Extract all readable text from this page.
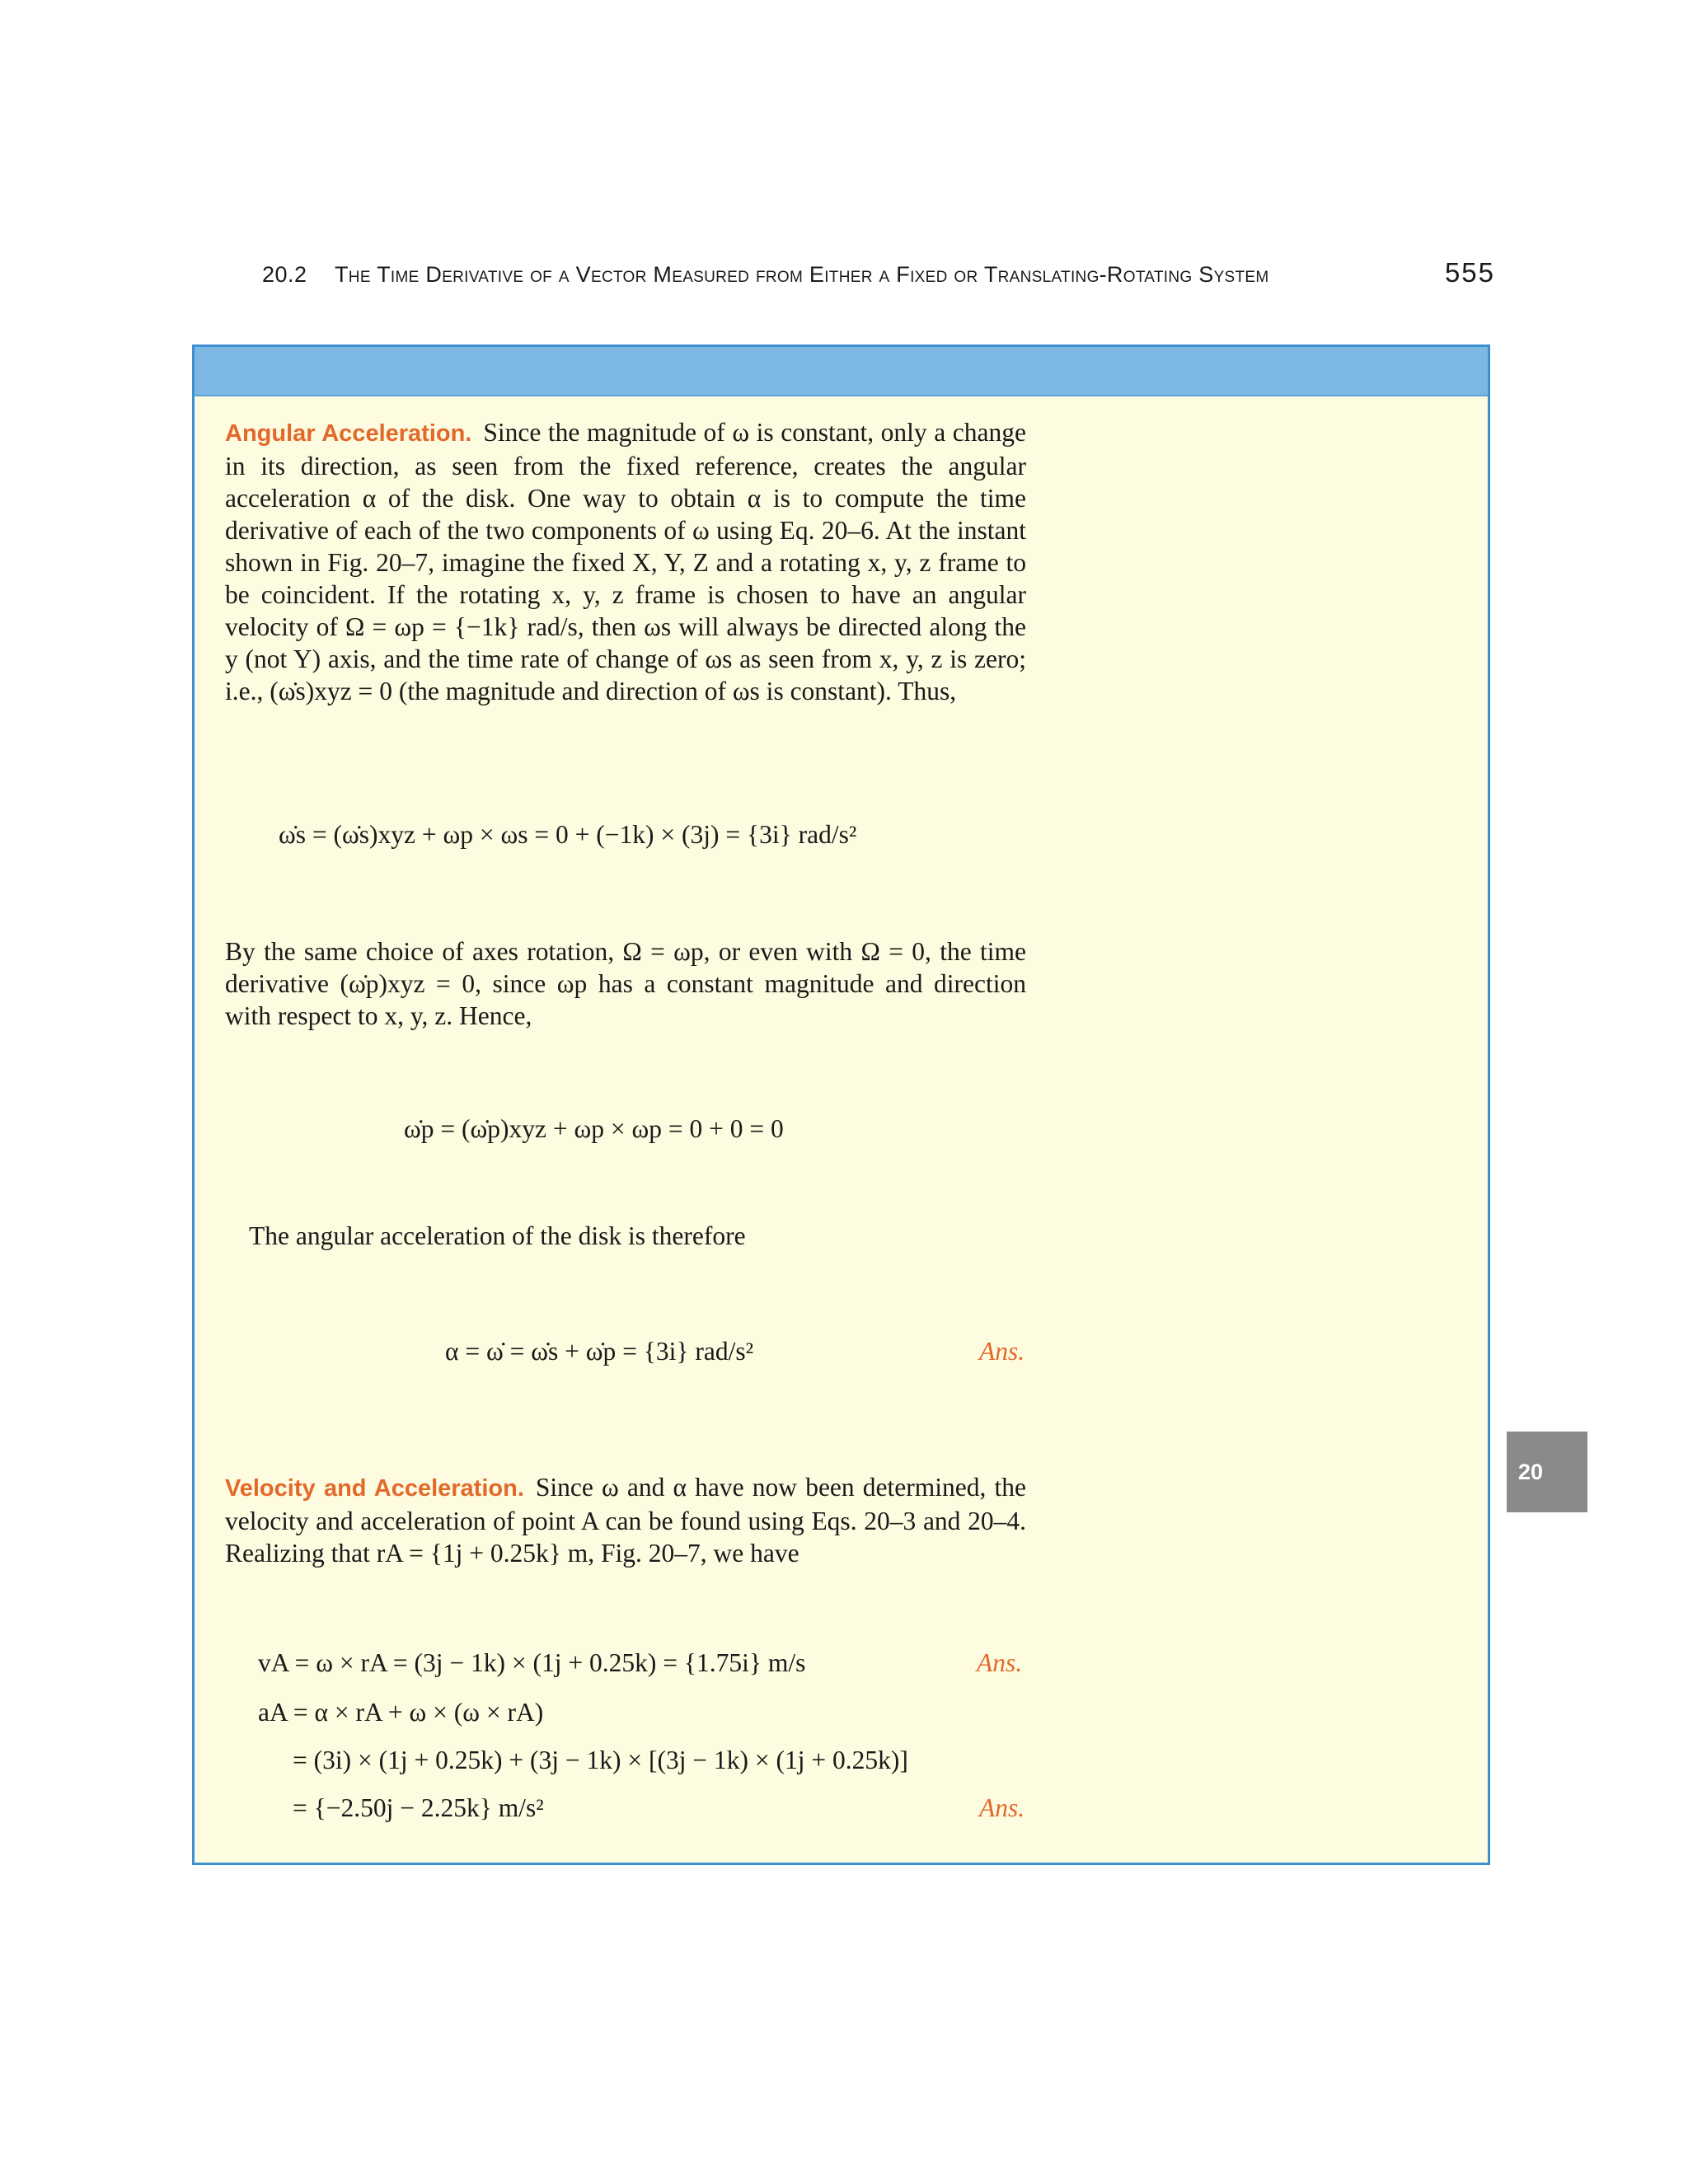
20.2 The Time Derivative of a Vector Measured from Either a Fixed or Translating-Rotating System	555
Angular Acceleration. Since the magnitude of ω is constant, only a change in its direction, as seen from the fixed reference, creates the angular acceleration α of the disk. One way to obtain α is to compute the time derivative of each of the two components of ω using Eq. 20–6. At the instant shown in Fig. 20–7, imagine the fixed X, Y, Z and a rotating x, y, z frame to be coincident. If the rotating x, y, z frame is chosen to have an angular velocity of Ω = ωp = {−1k} rad/s, then ωs will always be directed along the y (not Y) axis, and the time rate of change of ωs as seen from x, y, z is zero; i.e., (ω̇s)xyz = 0 (the magnitude and direction of ωs is constant). Thus,
ω̇s = (ω̇s)xyz + ωp × ωs = 0 + (−1k) × (3j) = {3i} rad/s²
By the same choice of axes rotation, Ω = ωp, or even with Ω = 0, the time derivative (ω̇p)xyz = 0, since ωp has a constant magnitude and direction with respect to x, y, z. Hence,
ω̇p = (ω̇p)xyz + ωp × ωp = 0 + 0 = 0
The angular acceleration of the disk is therefore
α = ω̇ = ω̇s + ω̇p = {3i} rad/s²	Ans.
Velocity and Acceleration. Since ω and α have now been determined, the velocity and acceleration of point A can be found using Eqs. 20–3 and 20–4. Realizing that rA = {1j + 0.25k} m, Fig. 20–7, we have
vA = ω × rA = (3j − 1k) × (1j + 0.25k) = {1.75i} m/s	Ans.
aA = α × rA + ω × (ω × rA)
= (3i) × (1j + 0.25k) + (3j − 1k) × [(3j − 1k) × (1j + 0.25k)]
= {−2.50j − 2.25k} m/s²	Ans.
20
